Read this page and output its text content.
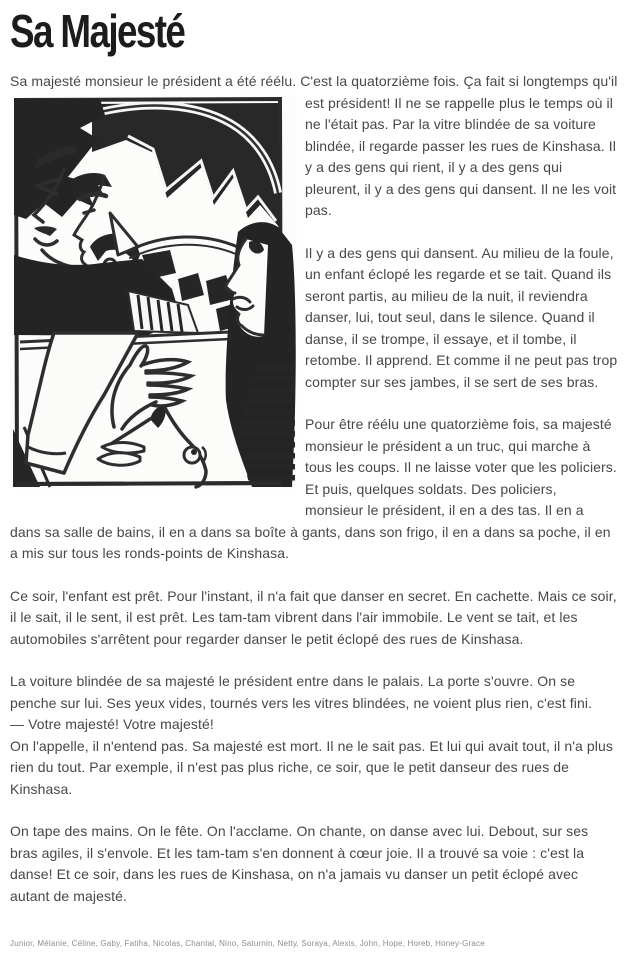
Sa Majesté

Sa majesté monsieur le président a été réélu. C'est la quatorzième fois. Ça fait si longtemps qu'il
est président! Il ne se rappelle plus le temps où il ne l'était pas. Par la vitre blindée de sa voiture blindée, il regarde passer les rues de Kinshasa. Il y a des gens qui rient, il y a des gens qui pleurent, il y a des gens qui dansent. Il ne les voit pas.

Il y a des gens qui dansent. Au milieu de la foule, un enfant éclopé les regarde et se tait. Quand ils seront partis, au milieu de la nuit, il reviendra danser, lui, tout seul, dans le silence. Quand il danse, il se trompe, il essaye, et il tombe, il retombe. Il apprend. Et comme il ne peut pas trop compter sur ses jambes, il se sert de ses bras.

Pour être réélu une quatorzième fois, sa majesté monsieur le président a un truc, qui marche à tous les coups. Il ne laisse voter que les policiers. Et puis, quelques soldats. Des policiers, monsieur le président, il en a des tas. Il en a dans sa salle de bains, il en a dans sa boîte à gants, dans son frigo, il en a dans sa poche, il en a mis sur tous les ronds-points de Kinshasa.

Ce soir, l'enfant est prêt. Pour l'instant, il n'a fait que danser en secret. En cachette. Mais ce soir, il le sait, il le sent, il est prêt. Les tam-tam vibrent dans l'air immobile. Le vent se tait, et les automobiles s'arrêtent pour regarder danser le petit éclopé des rues de Kinshasa.

La voiture blindée de sa majesté le président entre dans le palais. La porte s'ouvre. On se penche sur lui. Ses yeux vides, tournés vers les vitres blindées, ne voient plus rien, c'est fini.
— Votre majesté! Votre majesté!
On l'appelle, il n'entend pas. Sa majesté est mort. Il ne le sait pas. Et lui qui avait tout, il n'a plus rien du tout. Par exemple, il n'est pas plus riche, ce soir, que le petit danseur des rues de Kinshasa.

On tape des mains. On le fête. On l'acclame. On chante, on danse avec lui. Debout, sur ses bras agiles, il s'envole. Et les tam-tam s'en donnent à cœur joie. Il a trouvé sa voie : c'est la danse! Et ce soir, dans les rues de Kinshasa, on n'a jamais vu danser un petit éclopé avec autant de majesté.

Junior, Mélanie, Céline, Gaby, Fatiha, Nicolas, Chantal, Nino, Saturnin, Netty, Soraya, Alexis, John, Hope, Horeb, Honey-Grace
